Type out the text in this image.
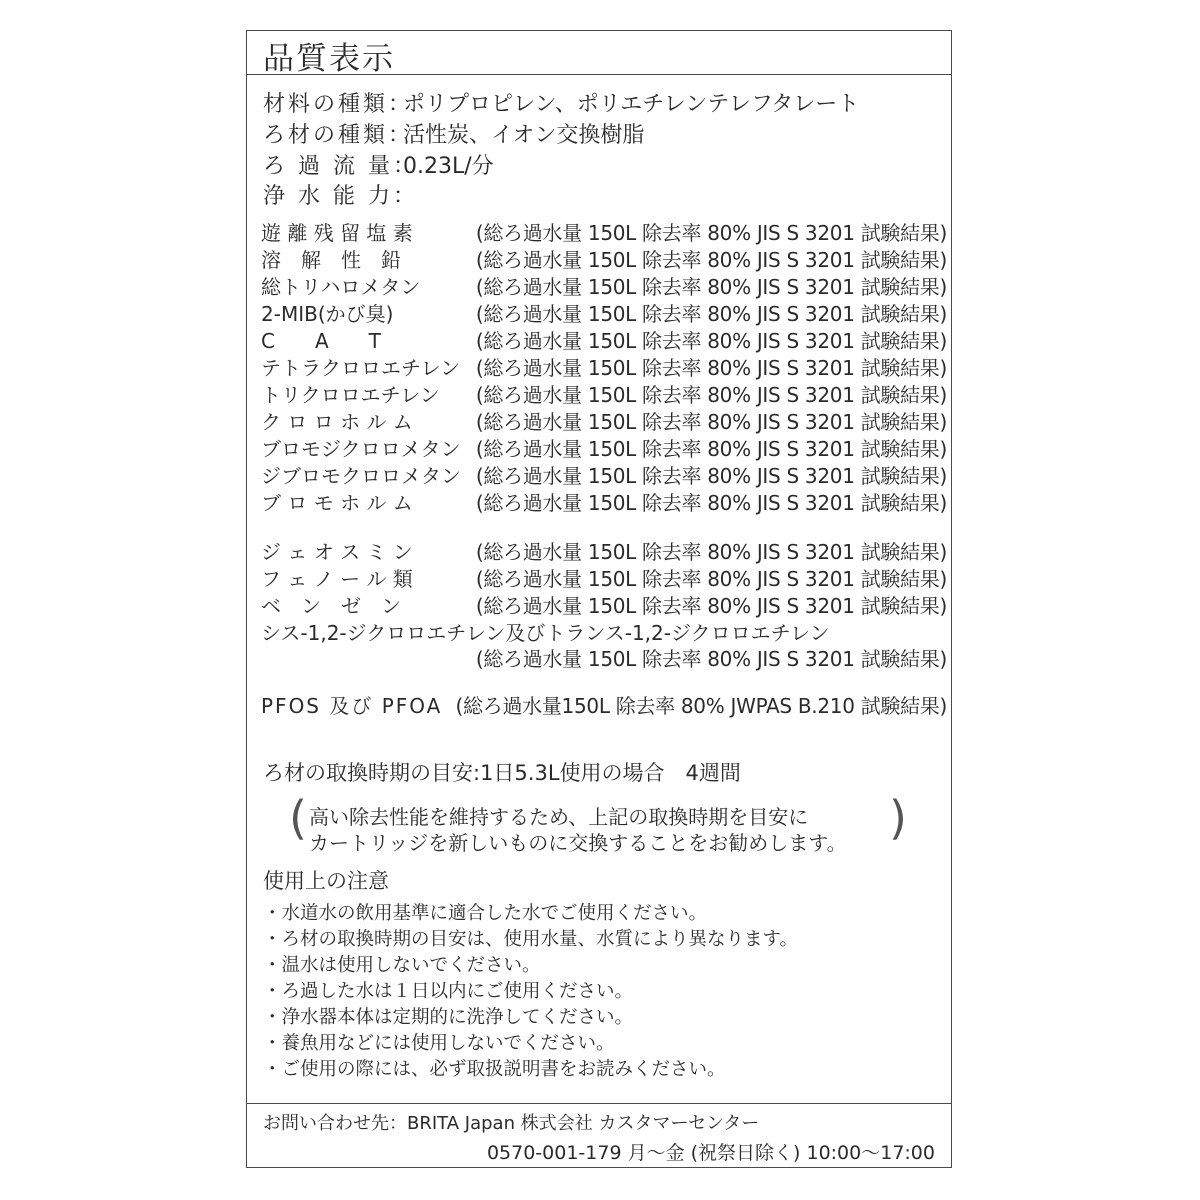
品質表示
材料の種類：ポリプロピレン、ポリエチレンテレフタレート
ろ材の種類：活性炭、イオン交換樹脂
ろ 過 流 量：0.23L/分
浄 水 能 力：
遊 離 残 留 塩 素	(総ろ過水量 150L 除去率 80% JIS S 3201 試験結果)
溶　解　性　鉛	(総ろ過水量 150L 除去率 80% JIS S 3201 試験結果)
総トリハロメタン	(総ろ過水量 150L 除去率 80% JIS S 3201 試験結果)
2-MIB(かび臭)	(総ろ過水量 150L 除去率 80% JIS S 3201 試験結果)
C　　A　　T	(総ろ過水量 150L 除去率 80% JIS S 3201 試験結果)
テトラクロロエチレン (総ろ過水量 150L 除去率 80% JIS S 3201 試験結果)
トリクロロエチレン (総ろ過水量 150L 除去率 80% JIS S 3201 試験結果)
ク ロ ロ ホ ル ム	(総ろ過水量 150L 除去率 80% JIS S 3201 試験結果)
ブロモジクロロメタン (総ろ過水量 150L 除去率 80% JIS S 3201 試験結果)
ジブロモクロロメタン (総ろ過水量 150L 除去率 80% JIS S 3201 試験結果)
ブ ロ モ ホ ル ム	(総ろ過水量 150L 除去率 80% JIS S 3201 試験結果)
ジ ェ オ ス ミ ン	(総ろ過水量 150L 除去率 80% JIS S 3201 試験結果)
フ ェ ノ ー ル 類	(総ろ過水量 150L 除去率 80% JIS S 3201 試験結果)
ベ　ン　ゼ　ン	(総ろ過水量 150L 除去率 80% JIS S 3201 試験結果)
シス-1,2-ジクロロエチレン及びトランス-1,2-ジクロロエチレン
(総ろ過水量 150L 除去率 80% JIS S 3201 試験結果)
PFOS 及び PFOA (総ろ過水量150L 除去率 80% JWPAS B.210 試験結果)
ろ材の取換時期の目安:1日5.3L使用の場合　4週間
(	)
高い除去性能を維持するため、上記の取換時期を目安に
カートリッジを新しいものに交換することをお勧めします。
使用上の注意
・水道水の飲用基準に適合した水でご使用ください。
・ろ材の取換時期の目安は、使用水量、水質により異なります。
・温水は使用しないでください。
・ろ過した水は１日以内にご使用ください。
・浄水器本体は定期的に洗浄してください。
・養魚用などには使用しないでください。
・ご使用の際には、必ず取扱説明書をお読みください。
お問い合わせ先：BRITA Japan 株式会社 カスタマーセンター
0570-001-179 月～金 (祝祭日除く) 10:00～17:00
